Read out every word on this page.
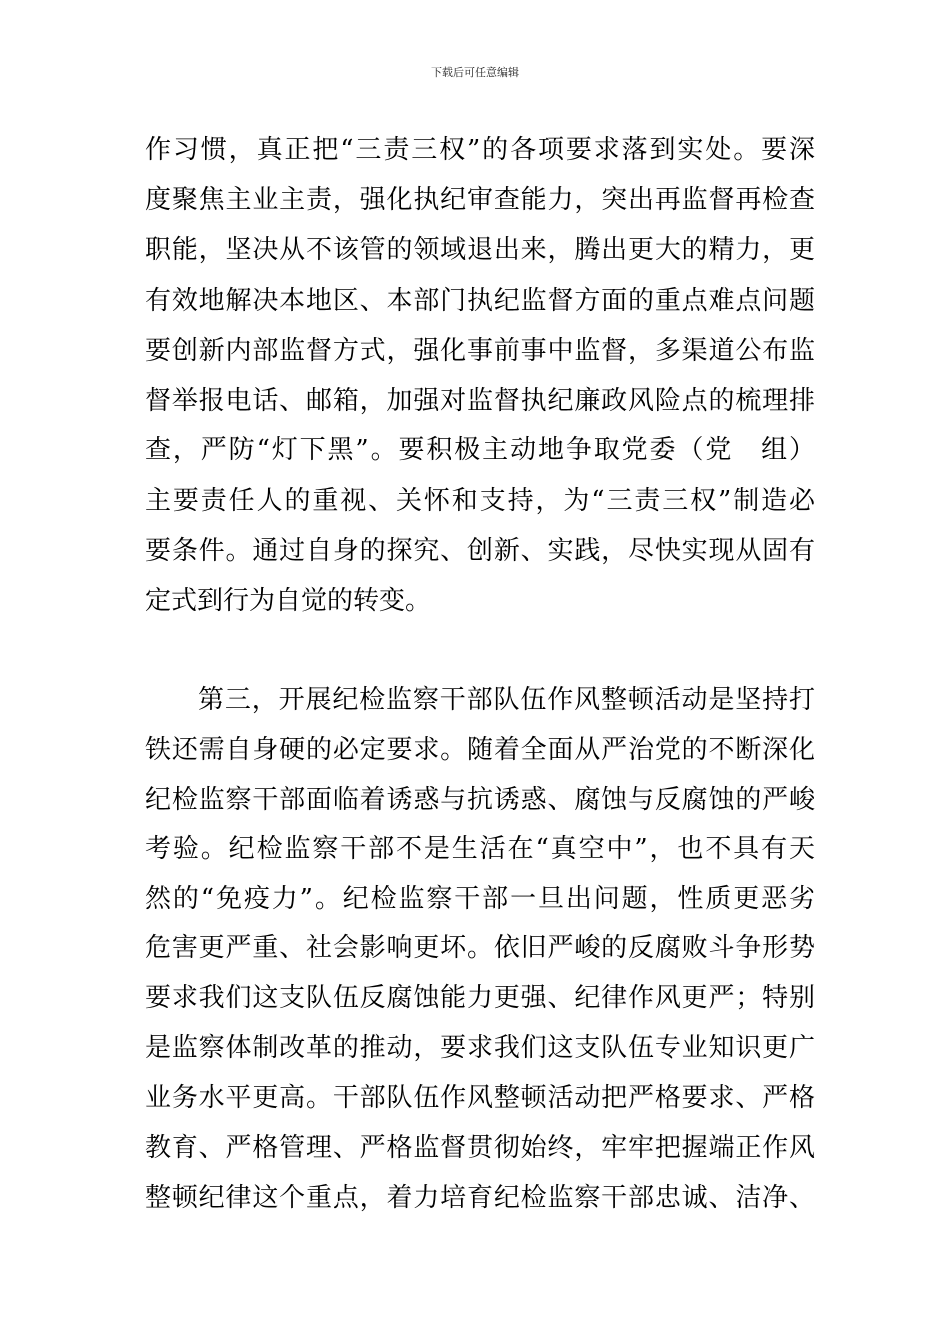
下载后可任意编辑
作习惯，真正把“三责三权”的各项要求落到实处。要深
度聚焦主业主责，强化执纪审查能力，突出再监督再检查
职能，坚决从不该管的领域退出来，腾出更大的精力，更
有效地解决本地区、本部门执纪监督方面的重点难点问题
要创新内部监督方式，强化事前事中监督，多渠道公布监
督举报电话、邮箱，加强对监督执纪廉政风险点的梳理排
查，严防“灯下黑”。要积极主动地争取党委（党　组）
主要责任人的重视、关怀和支持，为“三责三权”制造必
要条件。通过自身的探究、创新、实践，尽快实现从固有
定式到行为自觉的转变。
第三，开展纪检监察干部队伍作风整顿活动是坚持打
铁还需自身硬的必定要求。随着全面从严治党的不断深化
纪检监察干部面临着诱惑与抗诱惑、腐蚀与反腐蚀的严峻
考验。纪检监察干部不是生活在“真空中”，也不具有天
然的“免疫力”。纪检监察干部一旦出问题，性质更恶劣
危害更严重、社会影响更坏。依旧严峻的反腐败斗争形势
要求我们这支队伍反腐蚀能力更强、纪律作风更严；特别
是监察体制改革的推动，要求我们这支队伍专业知识更广
业务水平更高。干部队伍作风整顿活动把严格要求、严格
教育、严格管理、严格监督贯彻始终，牢牢把握端正作风
整顿纪律这个重点，着力培育纪检监察干部忠诚、洁净、
